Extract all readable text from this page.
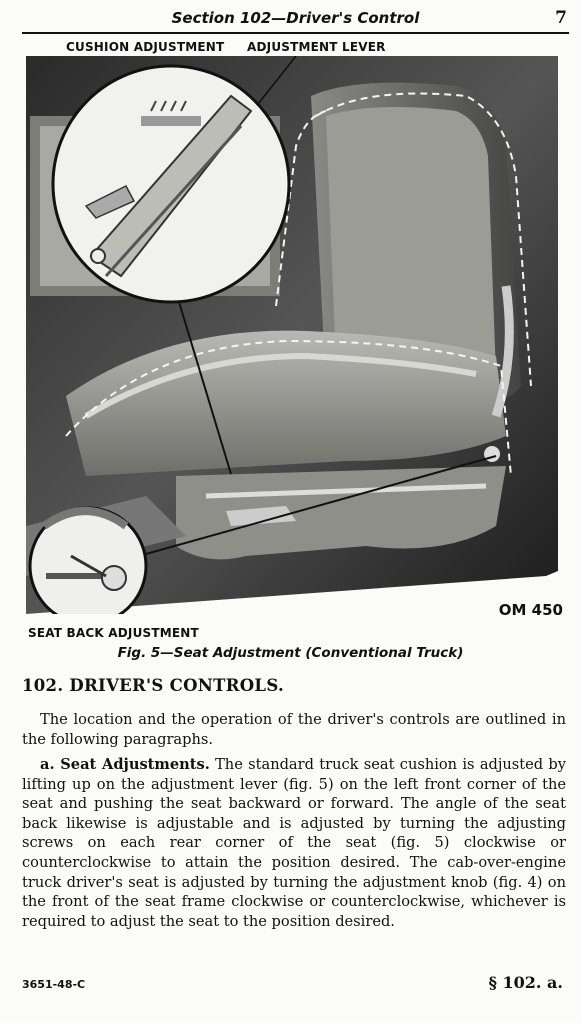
Section 102—Driver's Control	7
CUSHION ADJUSTMENT ADJUSTMENT LEVER
OM 450
SEAT BACK ADJUSTMENT
Fig. 5—Seat Adjustment (Conventional Truck)
102. DRIVER'S CONTROLS.
The location and the operation of the driver's controls are outlined in the following paragraphs.
a. Seat Adjustments. The standard truck seat cushion is adjusted by lifting up on the adjustment lever (fig. 5) on the left front corner of the seat and pushing the seat backward or forward. The angle of the seat back likewise is adjustable and is adjusted by turning the adjusting screws on each rear corner of the seat (fig. 5) clockwise or counterclockwise to attain the position desired. The cab-over-engine truck driver's seat is adjusted by turning the adjustment knob (fig. 4) on the front of the seat frame clockwise or counterclockwise, whichever is required to adjust the seat to the position desired.
3651-48-C	§ 102. a.
